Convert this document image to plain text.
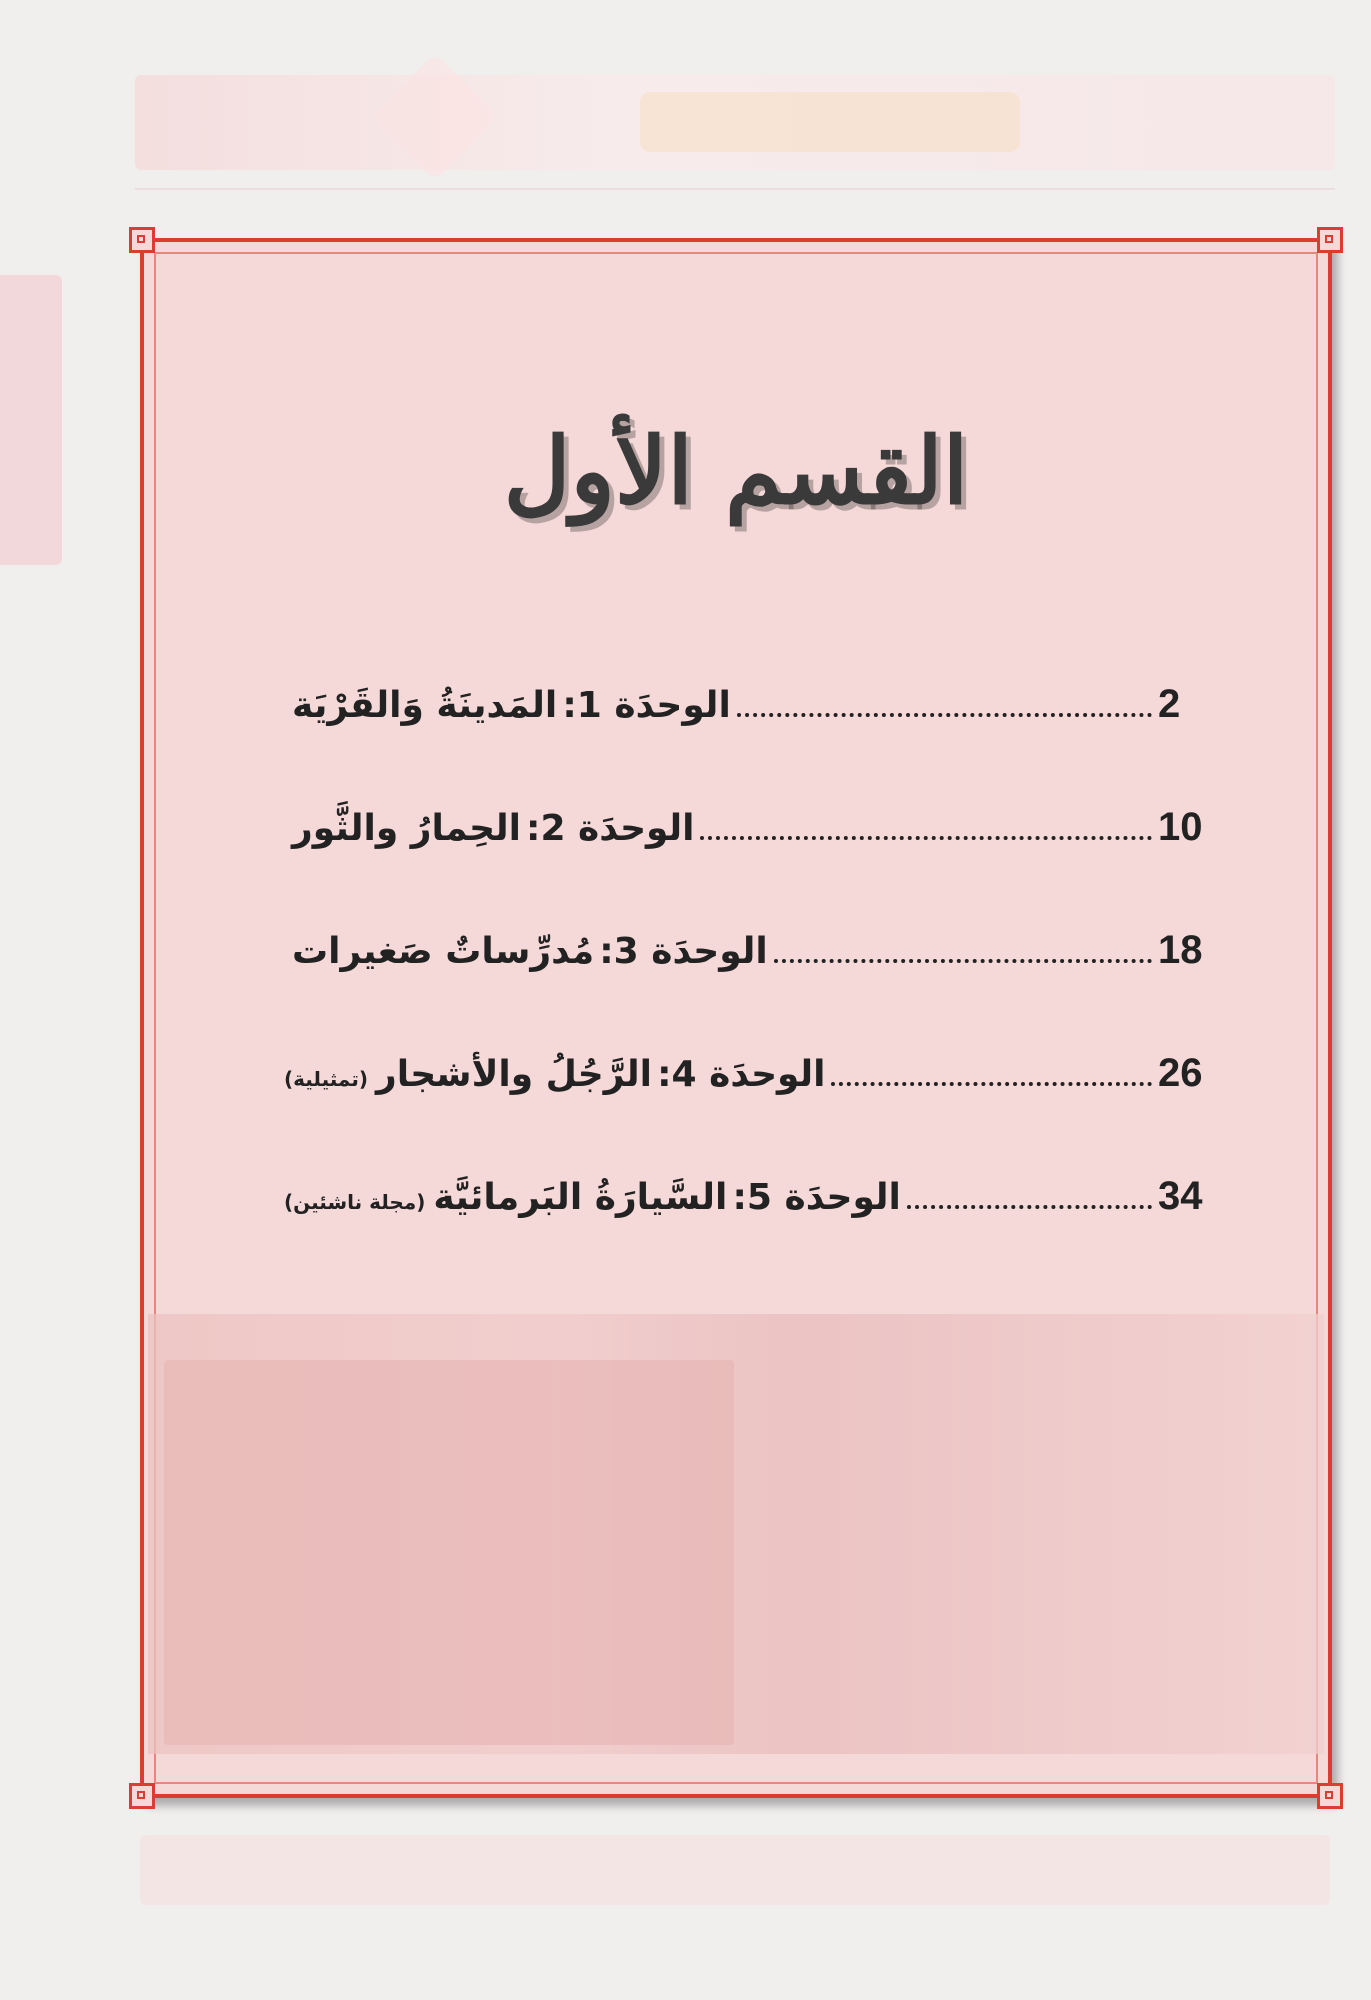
القسم الأول
الوحدَة 1:

المَدينَةُ وَالقَرْيَة	2
الوحدَة 2:

الحِمارُ والثَّور	10
الوحدَة 3:

مُدرِّساتٌ صَغيرات	18
الوحدَة 4:

الرَّجُلُ والأشجار
(تمثيلية)	26
الوحدَة 5:

السَّيارَةُ البَرمائيَّة
(مجلة ناشئين)	34
